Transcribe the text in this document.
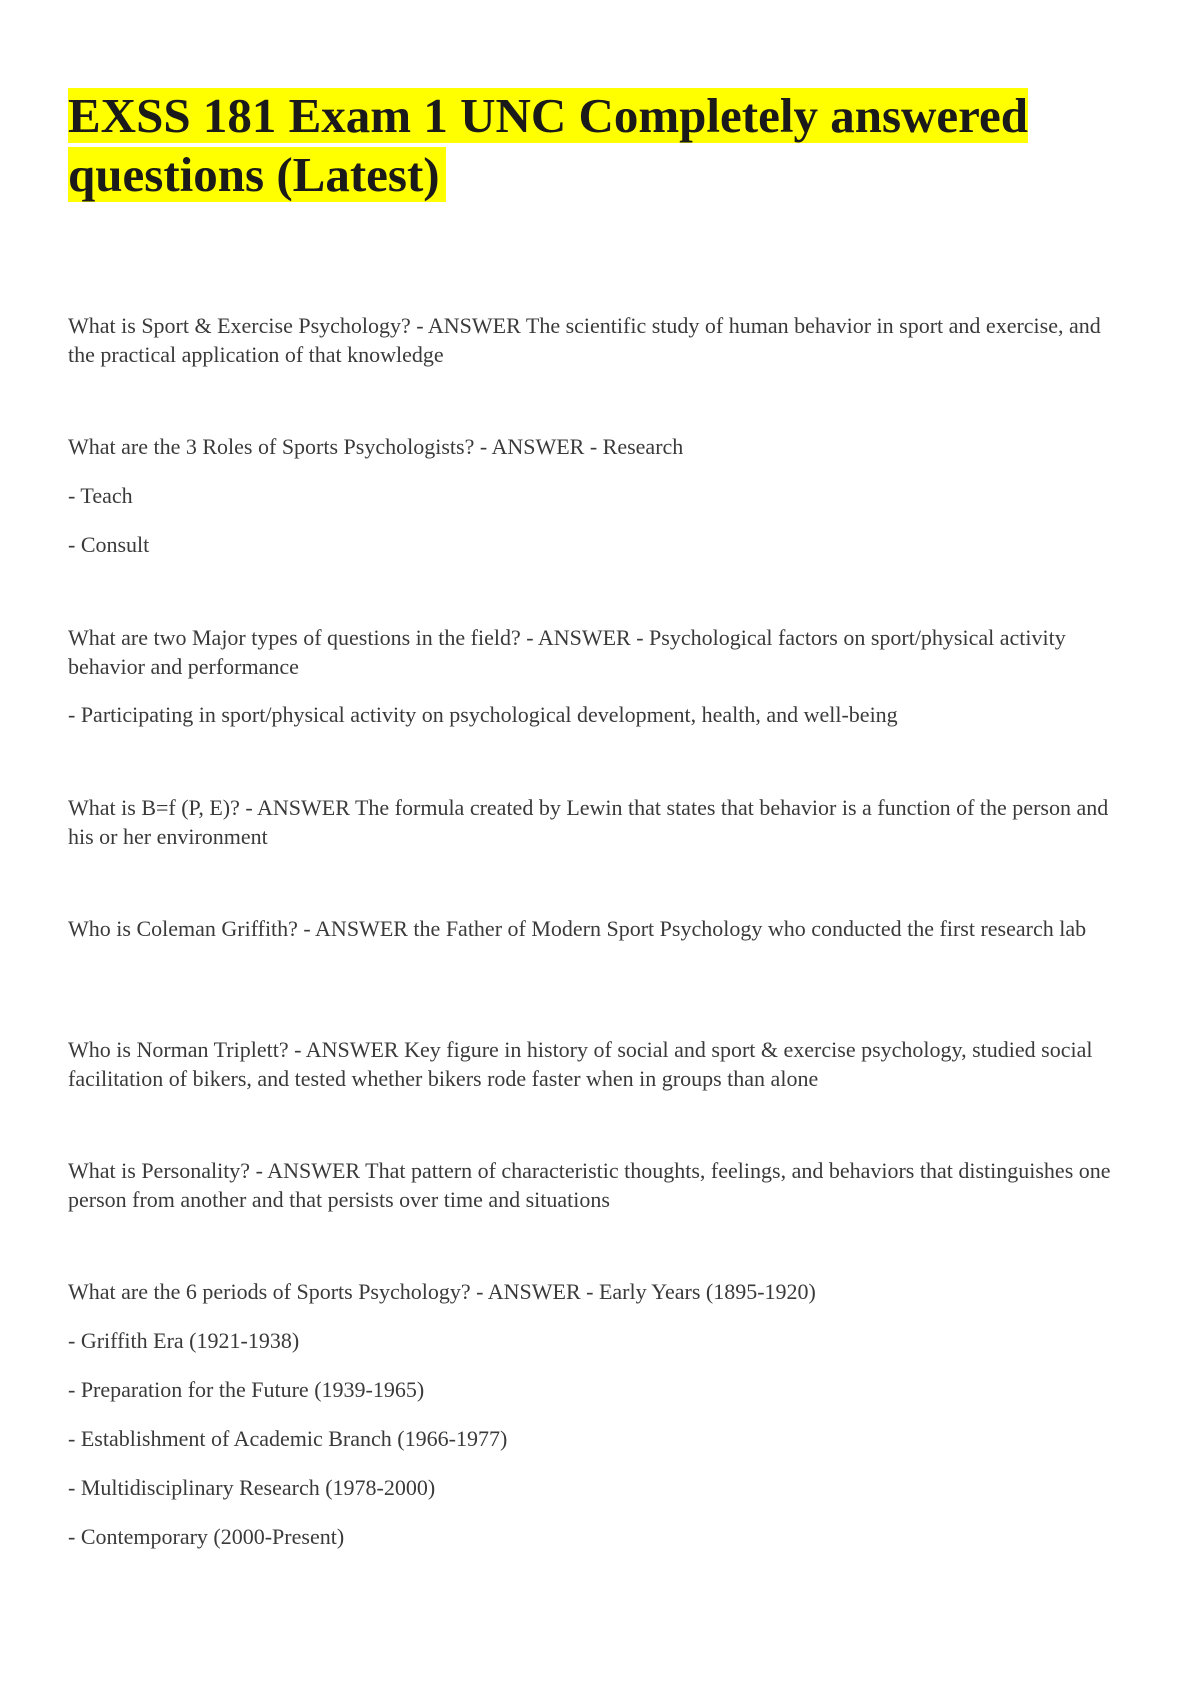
EXSS 181 Exam 1 UNC Completely answered questions (Latest)

What is Sport & Exercise Psychology? - ANSWER The scientific study of human behavior in sport and exercise, and the practical application of that knowledge

What are the 3 Roles of Sports Psychologists? - ANSWER - Research

- Teach

- Consult

What are two Major types of questions in the field? - ANSWER - Psychological factors on sport/physical activity behavior and performance

- Participating in sport/physical activity on psychological development, health, and well-being

What is B=f (P, E)? - ANSWER The formula created by Lewin that states that behavior is a function of the person and his or her environment

Who is Coleman Griffith? - ANSWER the Father of Modern Sport Psychology who conducted the first research lab

Who is Norman Triplett? - ANSWER Key figure in history of social and sport & exercise psychology, studied social facilitation of bikers, and tested whether bikers rode faster when in groups than alone

What is Personality? - ANSWER That pattern of characteristic thoughts, feelings, and behaviors that distinguishes one person from another and that persists over time and situations

What are the 6 periods of Sports Psychology? - ANSWER - Early Years (1895-1920)

- Griffith Era (1921-1938)

- Preparation for the Future (1939-1965)

- Establishment of Academic Branch (1966-1977)

- Multidisciplinary Research (1978-2000)

- Contemporary (2000-Present)
